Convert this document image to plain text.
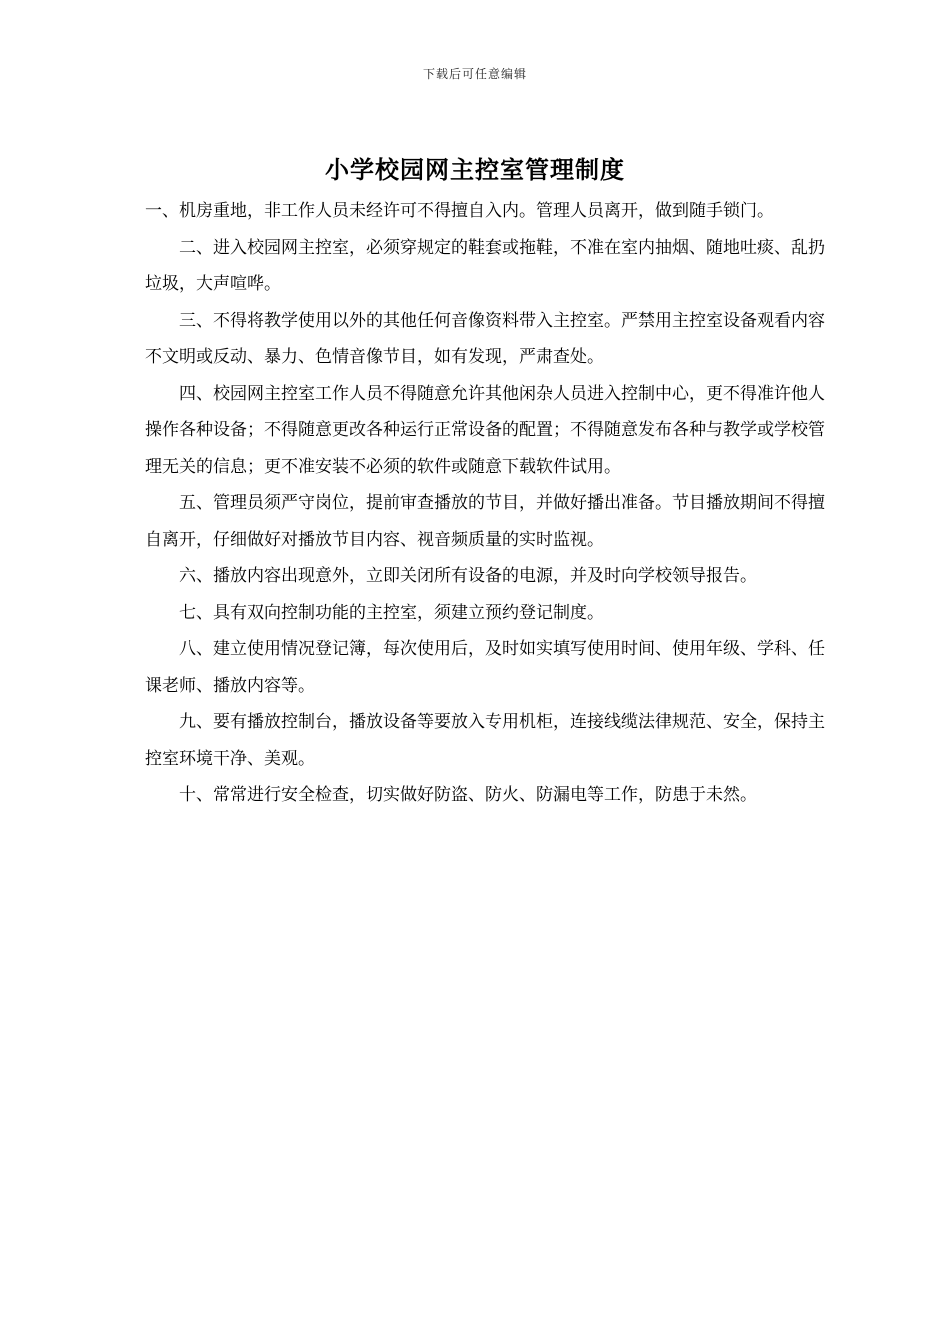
下载后可任意编辑
小学校园网主控室管理制度

一、机房重地，非工作人员未经许可不得擅自入内。管理人员离开，做到随手锁门。

二、进入校园网主控室，必须穿规定的鞋套或拖鞋，不准在室内抽烟、随地吐痰、乱扔垃圾，大声喧哗。

三、不得将教学使用以外的其他任何音像资料带入主控室。严禁用主控室设备观看内容不文明或反动、暴力、色情音像节目，如有发现，严肃查处。

四、校园网主控室工作人员不得随意允许其他闲杂人员进入控制中心，更不得准许他人操作各种设备；不得随意更改各种运行正常设备的配置；不得随意发布各种与教学或学校管理无关的信息；更不准安装不必须的软件或随意下载软件试用。

五、管理员须严守岗位，提前审查播放的节目，并做好播出准备。节目播放期间不得擅自离开，仔细做好对播放节目内容、视音频质量的实时监视。

六、播放内容出现意外，立即关闭所有设备的电源，并及时向学校领导报告。

七、具有双向控制功能的主控室，须建立预约登记制度。

八、建立使用情况登记簿，每次使用后，及时如实填写使用时间、使用年级、学科、任课老师、播放内容等。

九、要有播放控制台，播放设备等要放入专用机柜，连接线缆法律规范、安全，保持主控室环境干净、美观。

十、常常进行安全检查，切实做好防盗、防火、防漏电等工作，防患于未然。
